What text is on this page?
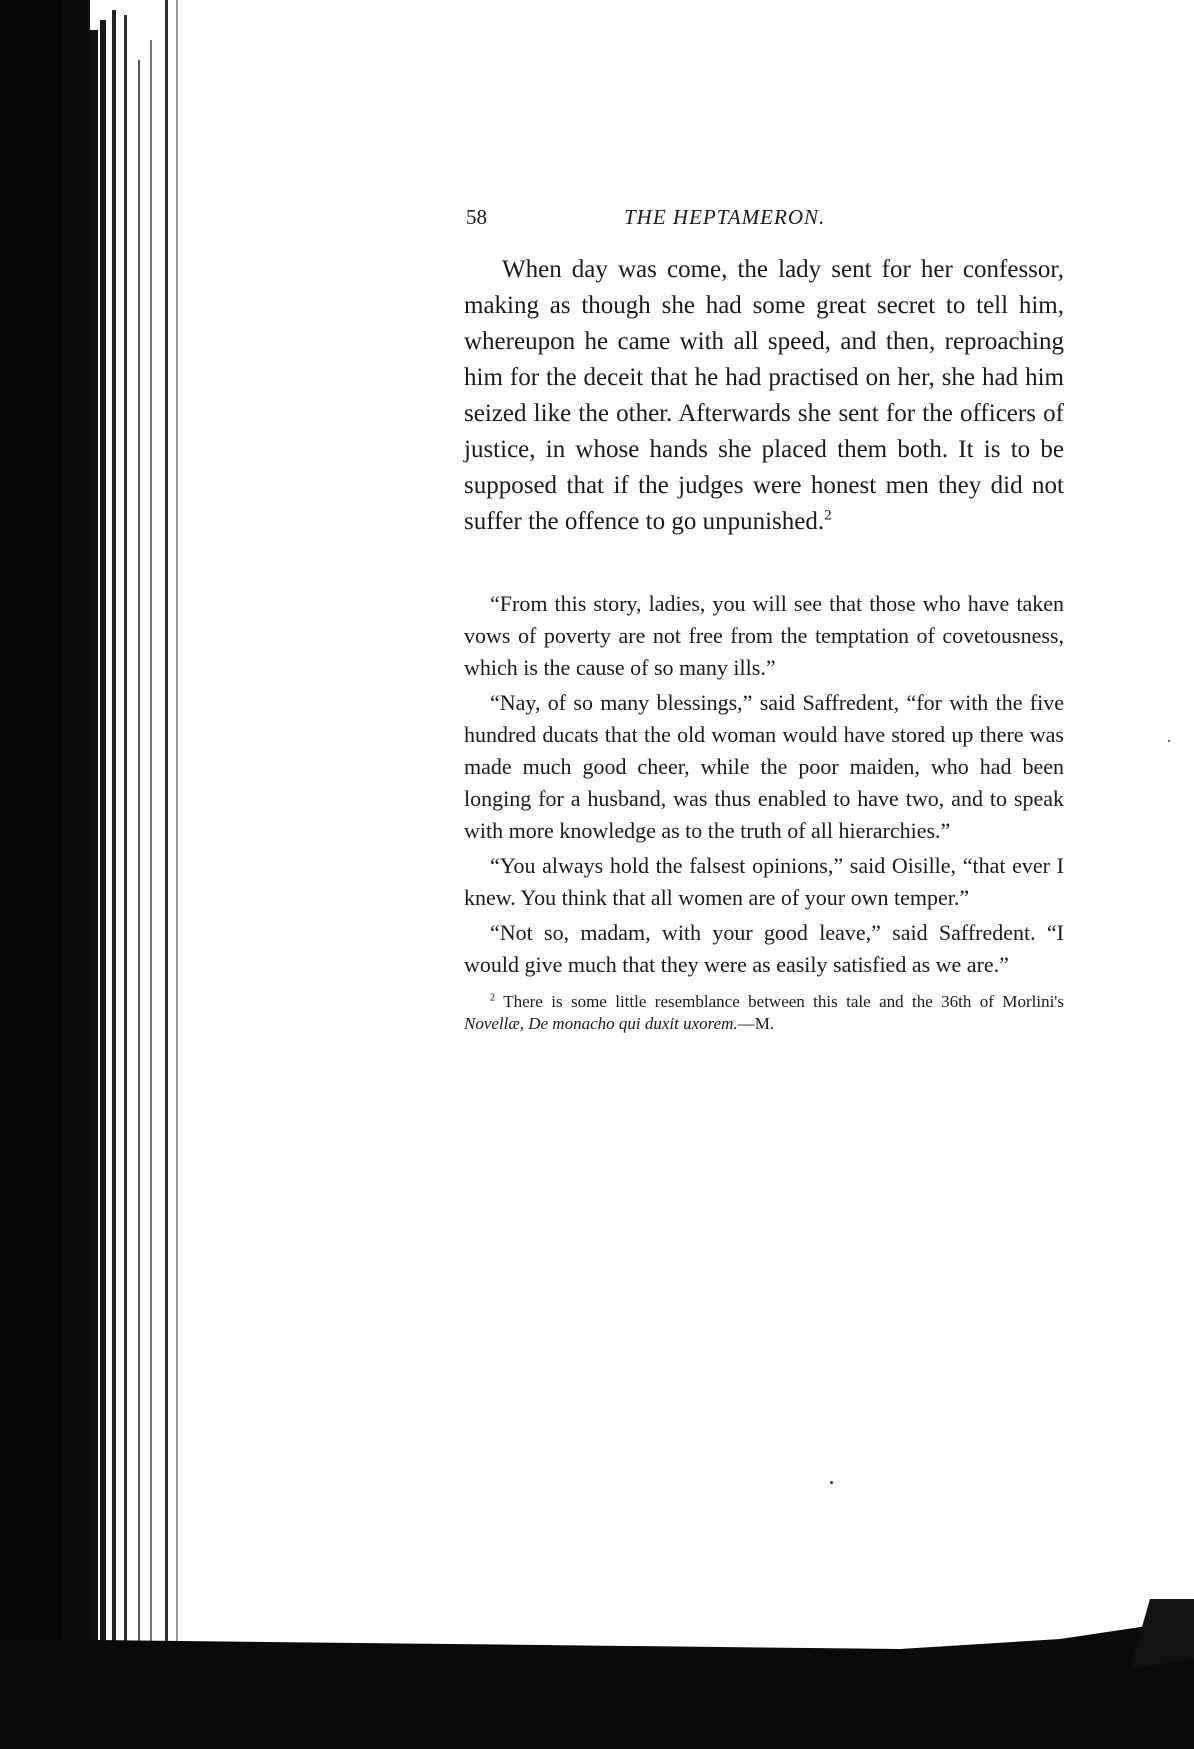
58	THE HEPTAMERON.

When day was come, the lady sent for her confessor, making as though she had some great secret to tell him, whereupon he came with all speed, and then, reproaching him for the deceit that he had practised on her, she had him seized like the other. Afterwards she sent for the officers of justice, in whose hands she placed them both. It is to be supposed that if the judges were honest men they did not suffer the offence to go unpunished.$^2$

“From this story, ladies, you will see that those who have taken vows of poverty are not free from the temptation of covetousness, which is the cause of so many ills.”

“Nay, of so many blessings,” said Saffredent, “for with the five hundred ducats that the old woman would have stored up there was made much good cheer, while the poor maiden, who had been longing for a husband, was thus enabled to have two, and to speak with more knowledge as to the truth of all hierarchies.”

“You always hold the falsest opinions,” said Oisille, “that ever I knew. You think that all women are of your own temper.”

“Not so, madam, with your good leave,” said Saffredent. “I would give much that they were as easily satisfied as we are.”

$^2$ There is some little resemblance between this tale and the 36th of Morlini's Novellæ, De monacho qui duxit uxorem.—M.
